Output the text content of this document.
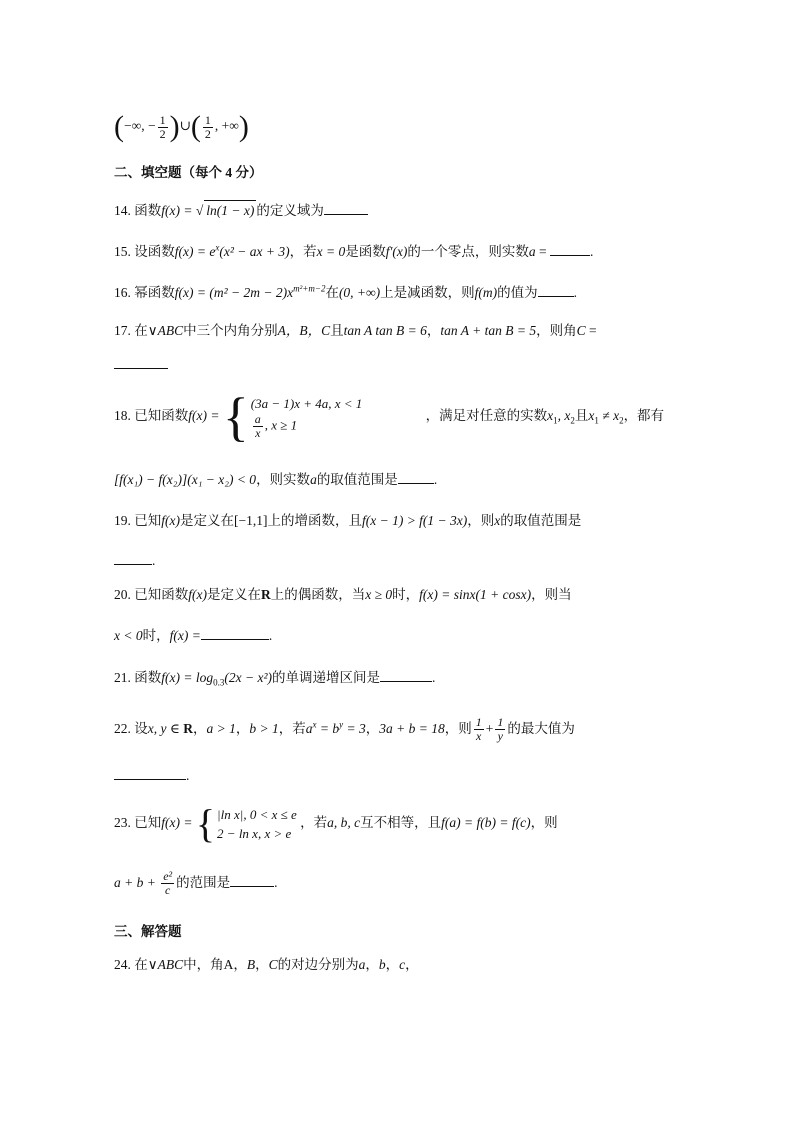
(−∞, − $\frac{1}{2}$ )∪( $\frac{1}{2}$ , +∞)
二、填空题（每个 4 分）
14. 函数f(x) = √ ln(1 − x) 的定义域为
15. 设函数$f(x) = e^x(x^2$ − ax + 3)，若x = 0是函数f′(x)的一个零点，则实数a =	.
16. 幂函数$f(x) = (m^2 - 2m - 2)x^{m^2+m-2}$在(0, +∞)上是减函数，则f(m)的值为	.
17. 在∨ABC中三个内角分别A，B，C且tan A tan B = 6，tan A + tan B = 5，则角C =
18. 已知函数f(x) = { (3a − 1)x + 4a, x < 1
$\frac{a}{x}$ , x ≥ 1
，满足对任意的实数$x_1$, $x_2$且$x_1 \ne x_2$，都有
[f(x₁) − f(x₂)](x₁ − x₂) < 0，则实数a的取值范围是	.
19. 已知f(x)是定义在[−1,1]上的增函数，且f(x − 1) > f(1 − 3x)，则x的取值范围是
.
20. 已知函数f(x)是定义在R上的偶函数，当x ≥ 0时，f(x) = sinx(1 + cosx)，则当
x < 0时，f(x) =	.
21. 函数$f(x) = \log_{0.3}(2x - x^2)$的单调递增区间是	.
22. 设x, y ∈ R，a > 1，b > 1，若$a^x = b^y = 3$，3a + b = 18，则 $\frac{1}{x} + \frac{1}{y}$ 的最大值为
.
23. 已知f(x) = { |ln x|, 0 < x ≤ e
2 − ln x, x > e
，若a, b, c互不相等，且f(a) = f(b) = f(c)，则
$a + b + \frac{\text{e²}}{c}$ 的范围是	.
三、解答题
24. 在∨ABC中，角A，B，C的对边分别为a，b，c，
